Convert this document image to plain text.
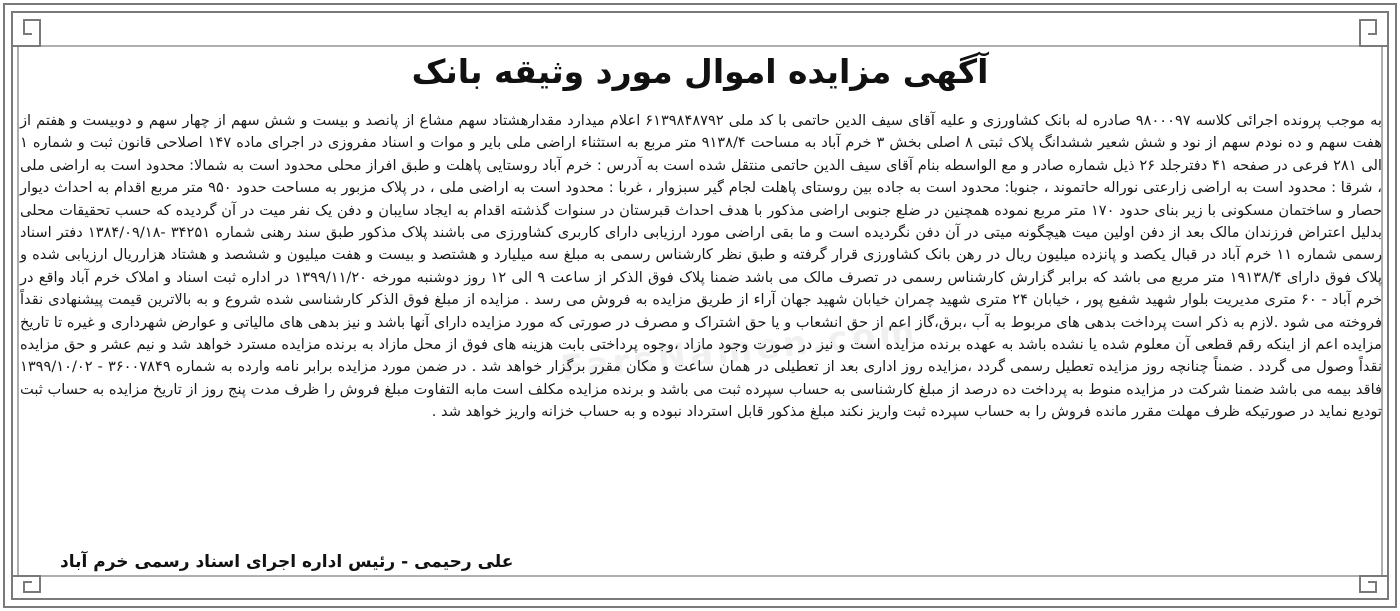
آگهی مزایده اموال مورد وثیقه بانک
FarsNamen.com
به موجب پرونده اجرائی کلاسه ۹۸۰۰۰۹۷ صادره له بانک کشاورزی و علیه آقای سیف الدین حاتمی با کد ملی ۶۱۳۹۸۴۸۷۹۲ اعلام میدارد مقدارهشتاد سهم مشاع از پانصد و بیست و شش سهم از چهار سهم و دوبیست و هفتم از هفت سهم و ده نودم سهم از نود و شش شعیر ششدانگ پلاک ثبتی ۸ اصلی بخش ۳ خرم آباد به مساحت ۹۱۳۸/۴ متر مربع به استثناء اراضی ملی بایر و موات و اسناد مفروزی در اجرای ماده ۱۴۷ اصلاحی قانون ثبت و شماره ۱ الی ۲۸۱ فرعی در صفحه ۴۱ دفترجلد ۲۶ ذیل شماره صادر و مع الواسطه بنام آقای سیف الدین حاتمی منتقل شده است به آدرس : خرم آباد روستایی پاهلت و طبق افراز محلی محدود است به شمالا: محدود است به اراضی ملی ، شرقا : محدود است به اراضی زارعتی نوراله حاتموند ، جنوبا: محدود است به جاده بین روستای پاهلت لجام گیر سبزوار ، غربا : محدود است به اراضی ملی ، در پلاک مزبور به مساحت حدود ۹۵۰ متر مربع اقدام به احداث دیوار حصار و ساختمان مسکونی با زیر بنای حدود ۱۷۰ متر مربع نموده همچنین در ضلع جنوبی اراضی مذکور با هدف احداث قبرستان در سنوات گذشته اقدام به ایجاد سایبان و دفن یک نفر میت در آن گردیده که حسب تحقیقات محلی بدلیل اعتراض فرزندان مالک بعد از دفن اولین میت هیچگونه میتی در آن دفن نگردیده است و ما بقی اراضی مورد ارزیابی دارای کاربری کشاورزی می باشند پلاک مذکور طبق سند رهنی شماره ۳۴۲۵۱ -۱۳۸۴/۰۹/۱۸ دفتر اسناد رسمی شماره ۱۱ خرم آباد در قبال یکصد و پانزده میلیون ریال در رهن بانک کشاورزی قرار گرفته و طبق نظر کارشناس رسمی به مبلغ سه میلیارد و هشتصد و بیست و هفت میلیون و ششصد و هشتاد هزارریال ارزیابی شده و پلاک فوق دارای ۱۹۱۳۸/۴ متر مربع می باشد که برابر گزارش کارشناس رسمی در تصرف مالک می باشد ضمنا پلاک فوق الذکر از ساعت ۹ الی ۱۲ روز دوشنبه مورخه ۱۳۹۹/۱۱/۲۰ در اداره ثبت اسناد و املاک خرم آباد واقع در خرم آباد - ۶۰ متری مدیریت بلوار شهید شفیع پور ، خیابان ۲۴ متری شهید چمران خیابان شهید جهان آراء از طریق مزایده به فروش می رسد . مزایده از مبلغ فوق الذکر کارشناسی شده شروع و به بالاترین قیمت پیشنهادی نقداً فروخته می شود .لازم به ذکر است پرداخت بدهی های مربوط به آب ،برق،گاز اعم از حق انشعاب و یا حق اشتراک و مصرف در صورتی که مورد مزایده دارای آنها باشد و نیز بدهی های مالیاتی و عوارض شهرداری و غیره تا تاریخ مزایده اعم از اینکه رقم قطعی آن معلوم شده یا نشده باشد به عهده برنده مزایده است و نیز در صورت وجود مازاد ،وجوه پرداختی بابت هزینه های فوق از محل مازاد به برنده مزایده مسترد خواهد شد و نیم عشر و حق مزایده نقداً وصول می گردد . ضمناً چنانچه روز مزایده تعطیل رسمی گردد ،مزایده روز اداری بعد از تعطیلی در همان ساعت و مکان مقرر برگزار خواهد شد . در ضمن مورد مزایده برابر نامه وارده به شماره ۳۶۰۰۷۸۴۹ - ۱۳۹۹/۱۰/۰۲ فاقد بیمه می باشد ضمنا شرکت در مزایده منوط به پرداخت ده درصد از مبلغ کارشناسی به حساب سپرده ثبت می باشد و برنده مزایده مکلف است مابه التفاوت مبلغ فروش را ظرف مدت پنج روز از تاریخ مزایده به حساب ثبت تودیع نماید در صورتیکه ظرف مهلت مقرر مانده فروش را به حساب سپرده ثبت واریز نکند مبلغ مذکور قابل استرداد نبوده و به حساب خزانه واریز خواهد شد .
علی رحیمی - رئیس اداره اجرای اسناد رسمی خرم آباد
